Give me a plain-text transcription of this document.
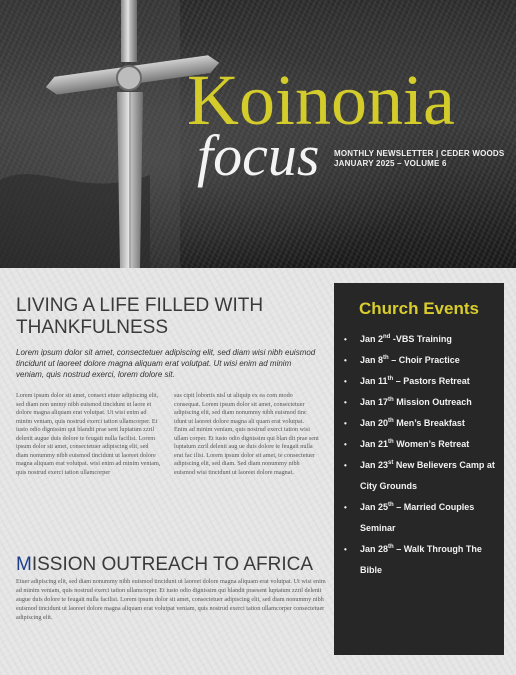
Koinonia
focus MONTHLY NEWSLETTER | CEDER WOODS
JANUARY 2025 – VOLUME 6
LIVING A LIFE FILLED WITH THANKFULNESS

Lorem ipsum dolor sit amet, consectetuer adipiscing elit, sed diam wisi nibh euismod tincidunt ut laoreet dolore magna aliquam erat volutpat. Ut wisi enim ad minim veniam, quis nostrud exerci, lorem dolore sit.

Lorem ipsum dolor sit amet, consect etuer adipiscing elit, sed diam non ummy nibh euismod tincidunt ut laore et dolore magna aliquam erat volutpat. Ut wisi enim ad minim veniam, quis nostrud exerci tation ullamcorper. Et iusto odio dignissim qui blandit prae sent luptatum zzril delenit augue duis dolore te feugait nulla facilisi. Lorem ipsum dolor sit amet, consectetuer adipiscing elit, sed diam nonummy nibh euismod tincidunt ut laoreet dolore magna aliquam erat volutpat. wisi enim ad minim veniam, quis nostrud exerci tation ullamcorper

sus cipit lobortis nisl ut aliquip ex ea com modo consequat. Lorem ipsum dolor sit amet, consectetuer adipiscing elit, sed diam nonummy nibh euismod tinc idunt ut laoreet dolore magna ali quam erat volutpat. Enim ad minim veniam, quis nostrud exerci tation wisi ullam corper. Et iusto odio dignissim qui blan dit prae sent luptatum zzril delenit aug ue duis dolore te feugait nulla erat fac ilisi. Lorem ipsum dolor sit amet, te consectetuer adipiscing elit, sed diam. Sed diam nonummy nibh euismod wisi tincidunt ut laoreet dolore magnat.

MISSION OUTREACH TO AFRICA

Etuer adipiscing elit, sed diam nonummy nibh euismod tincidunt ut laoreet dolore magna aliquam erat volutpat. Ut wisi enim ad minim veniam, quis nostrud exerci tation ullamcorper. Et iusto odio dignissim qui blandit praesent luptatum zzril delenit augue duis dolore te feugait nulla facilisi. Lorem ipsum dolor sit amet, consectetuer adipiscing elit, sed diam nonummy nibh euismod tincidunt ut laoreet dolore magna aliquam erat volutpat veniam, quis nostrud exerci tation ullamcorper consectetuer adipiscing elit.

Church Events
• Jan 2nd -VBS Training
• Jan 8th – Choir Practice
• Jan 11th – Pastors Retreat
• Jan 17th Mission Outreach
• Jan 20th Men’s Breakfast
• Jan 21th Women’s Retreat
• Jan 23st New Believers Camp at City Grounds
• Jan 25th – Married Couples Seminar
• Jan 28th – Walk Through The Bible
